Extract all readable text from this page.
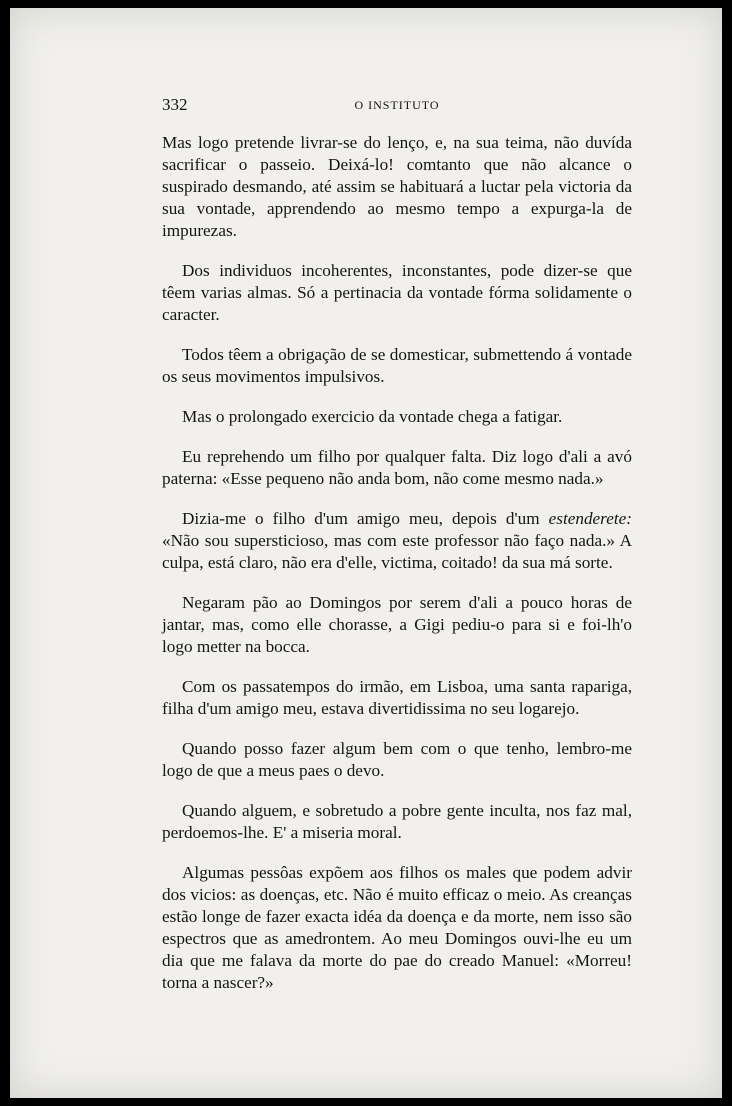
332	O INSTITUTO

Mas logo pretende livrar-se do lenço, e, na sua teima, não duvída sacrificar o passeio. Deixá-lo! comtanto que não alcance o suspirado desmando, até assim se habituará a luctar pela victoria da sua vontade, apprendendo ao mesmo tempo a expurga-la de impurezas.

Dos individuos incoherentes, inconstantes, pode dizer-se que têem varias almas. Só a pertinacia da vontade fórma solidamente o caracter.

Todos têem a obrigação de se domesticar, submettendo á vontade os seus movimentos impulsivos.

Mas o prolongado exercicio da vontade chega a fatigar.

Eu reprehendo um filho por qualquer falta. Diz logo d'ali a avó paterna: «Esse pequeno não anda bom, não come mesmo nada.»

Dizia-me o filho d'um amigo meu, depois d'um estenderete: «Não sou supersticioso, mas com este professor não faço nada.» A culpa, está claro, não era d'elle, victima, coitado! da sua má sorte.

Negaram pão ao Domingos por serem d'ali a pouco horas de jantar, mas, como elle chorasse, a Gigi pediu-o para si e foi-lh'o logo metter na bocca.

Com os passatempos do irmão, em Lisboa, uma santa rapariga, filha d'um amigo meu, estava divertidissima no seu logarejo.

Quando posso fazer algum bem com o que tenho, lembro-me logo de que a meus paes o devo.

Quando alguem, e sobretudo a pobre gente inculta, nos faz mal, perdoemos-lhe. E' a miseria moral.

Algumas pessôas expõem aos filhos os males que podem advir dos vicios: as doenças, etc. Não é muito efficaz o meio. As creanças estão longe de fazer exacta idéa da doença e da morte, nem isso são espectros que as amedrontem. Ao meu Domingos ouvi-lhe eu um dia que me falava da morte do pae do creado Manuel: «Morreu! torna a nascer?»
